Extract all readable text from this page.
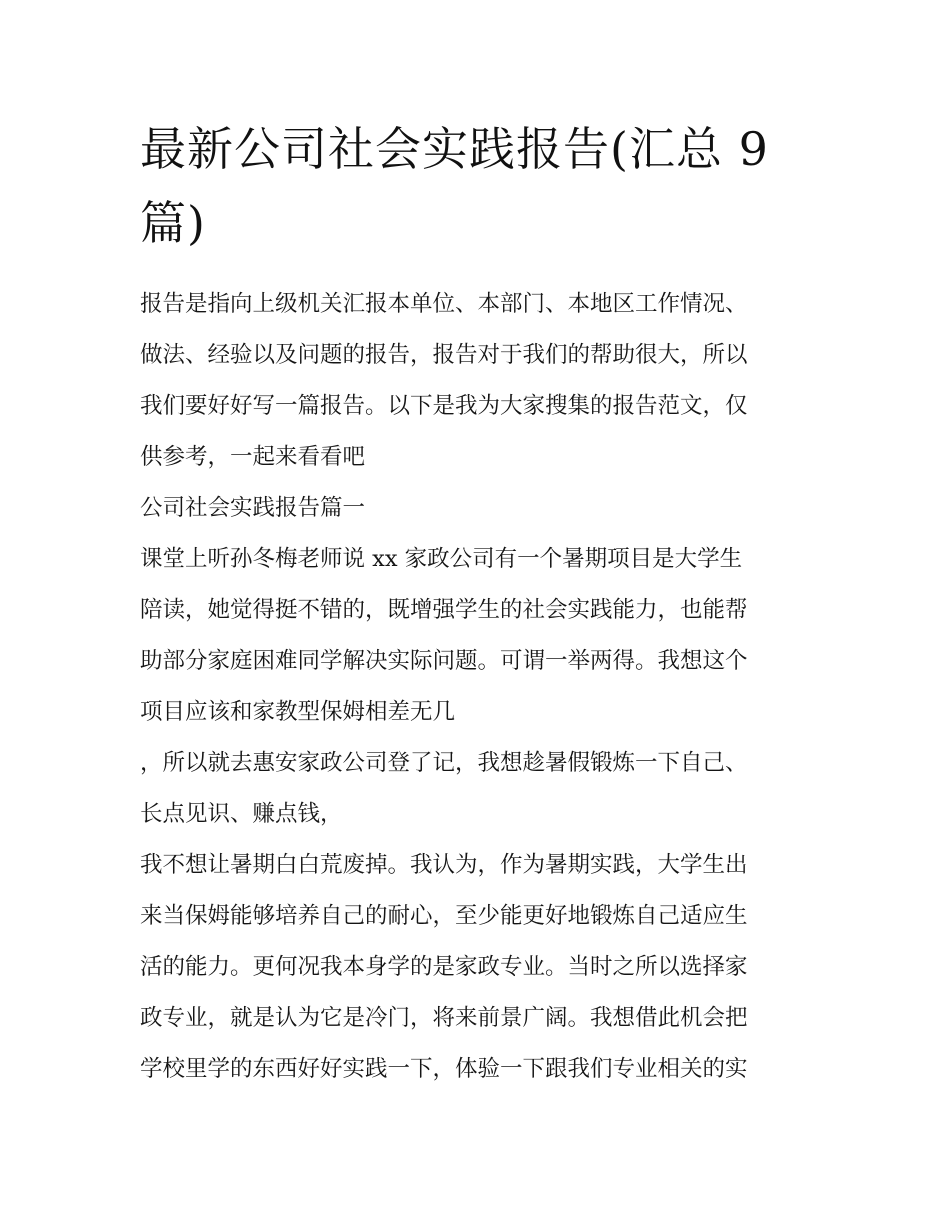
最新公司社会实践报告(汇总 9
篇)
报告是指向上级机关汇报本单位、本部门、本地区工作情况、
做法、经验以及问题的报告，报告对于我们的帮助很大，所以
我们要好好写一篇报告。以下是我为大家搜集的报告范文，仅
供参考，一起来看看吧
公司社会实践报告篇一
课堂上听孙冬梅老师说 xx 家政公司有一个暑期项目是大学生
陪读，她觉得挺不错的，既增强学生的社会实践能力，也能帮
助部分家庭困难同学解决实际问题。可谓一举两得。我想这个
项目应该和家教型保姆相差无几
，所以就去惠安家政公司登了记，我想趁暑假锻炼一下自己、
长点见识、赚点钱，
我不想让暑期白白荒废掉。我认为，作为暑期实践，大学生出
来当保姆能够培养自己的耐心，至少能更好地锻炼自己适应生
活的能力。更何况我本身学的是家政专业。当时之所以选择家
政专业，就是认为它是冷门，将来前景广阔。我想借此机会把
学校里学的东西好好实践一下，体验一下跟我们专业相关的实
